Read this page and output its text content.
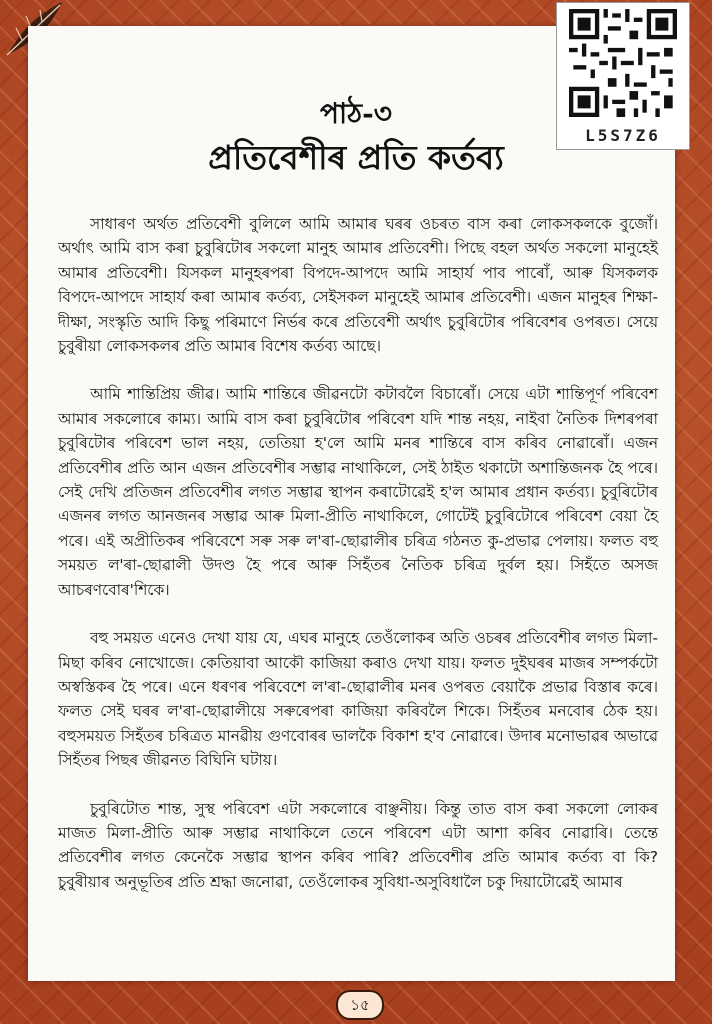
L5S7Z6
পাঠ-৩
প্ৰতিবেশীৰ প্ৰতি কৰ্তব্য

সাধাৰণ অৰ্থত প্ৰতিবেশী বুলিলে আমি আমাৰ ঘৰৰ ওচৰত বাস কৰা লোকসকলকে বুজোঁ। অৰ্থাৎ আমি বাস কৰা চুবুৰিটোৰ সকলো মানুহ আমাৰ প্ৰতিবেশী। পিছে বহল অৰ্থত সকলো মানুহেই আমাৰ প্ৰতিবেশী। যিসকল মানুহৰপৰা বিপদে-আপদে আমি সাহাৰ্য পাব পাৰোঁ, আৰু যিসকলক বিপদে-আপদে সাহাৰ্য কৰা আমাৰ কৰ্তব্য, সেইসকল মানুহেই আমাৰ প্ৰতিবেশী। এজন মানুহৰ শিক্ষা-দীক্ষা, সংস্কৃতি আদি কিছু পৰিমাণে নিৰ্ভৰ কৰে প্ৰতিবেশী অৰ্থাৎ চুবুৰিটোৰ পৰিবেশৰ ওপৰত। সেয়ে চুবুৰীয়া লোকসকলৰ প্ৰতি আমাৰ বিশেষ কৰ্তব্য আছে।

আমি শান্তিপ্ৰিয় জীৱ। আমি শান্তিৰে জীৱনটো কটাবলৈ বিচাৰোঁ। সেয়ে এটা শান্তিপূৰ্ণ পৰিবেশ আমাৰ সকলোৰে কাম্য। আমি বাস কৰা চুবুৰিটোৰ পৰিবেশ যদি শান্ত নহয়, নাইবা নৈতিক দিশৰপৰা চুবুৰিটোৰ পৰিবেশ ভাল নহয়, তেতিয়া হ'লে আমি মনৰ শান্তিৰে বাস কৰিব নোৱাৰোঁ। এজন প্ৰতিবেশীৰ প্ৰতি আন এজন প্ৰতিবেশীৰ সম্ভাৱ নাথাকিলে, সেই ঠাইত থকাটো অশান্তিজনক হৈ পৰে। সেই দেখি প্ৰতিজন প্ৰতিবেশীৰ লগত সম্ভাৱ স্থাপন কৰাটোৱেই হ'ল আমাৰ প্ৰধান কৰ্তব্য। চুবুৰিটোৰ এজনৰ লগত আনজনৰ সম্ভাৱ আৰু মিলা-প্ৰীতি নাথাকিলে, গোটেই চুবুৰিটোৰে পৰিবেশ বেয়া হৈ পৰে। এই অপ্ৰীতিকৰ পৰিবেশে সৰু সৰু ল'ৰা-ছোৱালীৰ চৰিত্ৰ গঠনত কু-প্ৰভাৱ পেলায়। ফলত বহু সময়ত ল'ৰা-ছোৱালী উদণ্ড হৈ পৰে আৰু সিহঁতৰ নৈতিক চৰিত্ৰ দুৰ্বল হয়। সিহঁতে অসজ আচৰণবোৰ'শিকে।

বহু সময়ত এনেও দেখা যায় যে, এঘৰ মানুহে তেওঁলোকৰ অতি ওচৰৰ প্ৰতিবেশীৰ লগত মিলা-মিছা কৰিব নোখোজে। কেতিয়াবা আকৌ কাজিয়া কৰাও দেখা যায়। ফলত দুইঘৰৰ মাজৰ সম্পৰ্কটো অস্বস্তিকৰ হৈ পৰে। এনে ধৰণৰ পৰিবেশে ল'ৰা-ছোৱালীৰ মনৰ ওপৰত বেয়াকৈ প্ৰভাৱ বিস্তাৰ কৰে। ফলত সেই ঘৰৰ ল'ৰা-ছোৱালীয়ে সৰুৰেপৰা কাজিয়া কৰিবলৈ শিকে। সিহঁতৰ মনবোৰ ঠেক হয়। বহুসময়ত সিহঁতৰ চৰিত্ৰত মানৱীয় গুণবোৰৰ ভালকৈ বিকাশ হ'ব নোৱাৰে। উদাৰ মনোভাৱৰ অভাৱে সিহঁতৰ পিছৰ জীৱনত বিঘিনি ঘটায়।

চুবুৰিটোত শান্ত, সুস্থ পৰিবেশ এটা সকলোৰে বাঞ্ছনীয়। কিন্তু তাত বাস কৰা সকলো লোকৰ মাজত মিলা-প্ৰীতি আৰু সম্ভাৱ নাথাকিলে তেনে পৰিবেশ এটা আশা কৰিব নোৱাৰি। তেন্তে প্ৰতিবেশীৰ লগত কেনেকৈ সম্ভাৱ স্থাপন কৰিব পাৰি? প্ৰতিবেশীৰ প্ৰতি আমাৰ কৰ্তব্য বা কি? চুবুৰীয়াৰ অনুভূতিৰ প্ৰতি শ্ৰদ্ধা জনোৱা, তেওঁলোকৰ সুবিধা-অসুবিধালৈ চকু দিয়াটোৱেই আমাৰ

১৫
